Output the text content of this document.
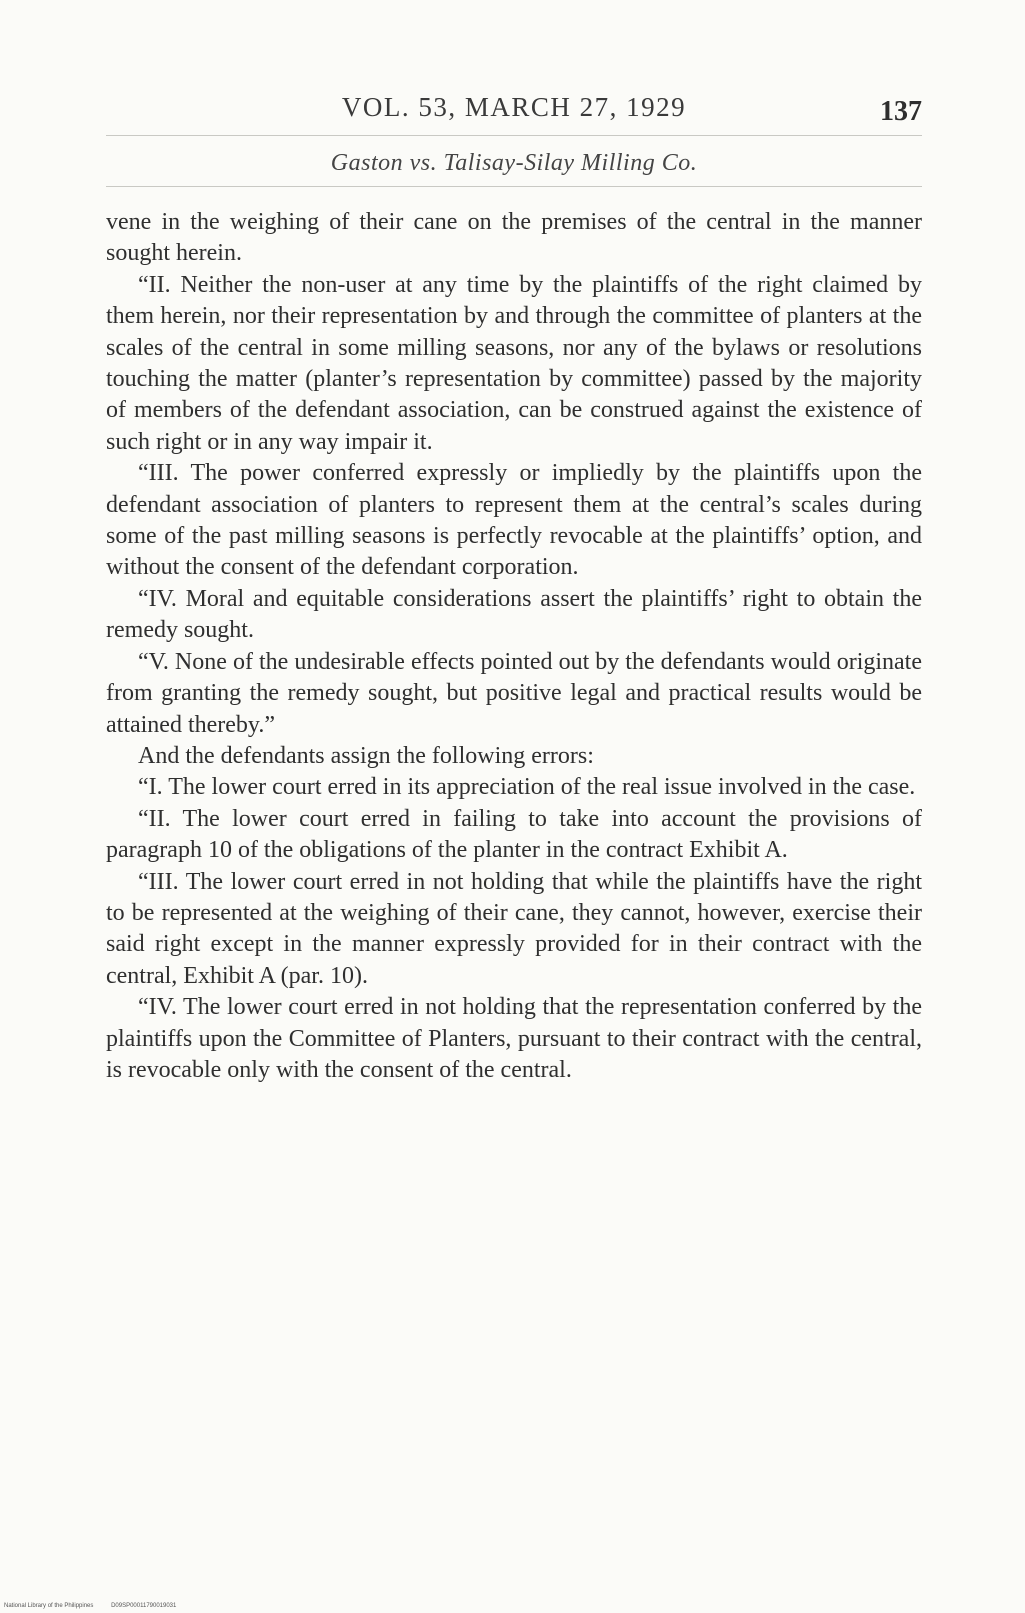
VOL. 53, MARCH 27, 1929	137
Gaston vs. Talisay-Silay Milling Co.

vene in the weighing of their cane on the premises of the central in the manner sought herein.

“II. Neither the non-user at any time by the plaintiffs of the right claimed by them herein, nor their representation by and through the committee of planters at the scales of the central in some milling seasons, nor any of the bylaws or resolutions touching the matter (planter’s representation by committee) passed by the majority of members of the defendant association, can be construed against the existence of such right or in any way impair it.

“III. The power conferred expressly or impliedly by the plaintiffs upon the defendant association of planters to represent them at the central’s scales during some of the past milling seasons is perfectly revocable at the plaintiffs’ option, and without the consent of the defendant corporation.

“IV. Moral and equitable considerations assert the plaintiffs’ right to obtain the remedy sought.

“V. None of the undesirable effects pointed out by the defendants would originate from granting the remedy sought, but positive legal and practical results would be attained thereby.”

And the defendants assign the following errors:

“I. The lower court erred in its appreciation of the real issue involved in the case.

“II. The lower court erred in failing to take into account the provisions of paragraph 10 of the obligations of the planter in the contract Exhibit A.

“III. The lower court erred in not holding that while the plaintiffs have the right to be represented at the weighing of their cane, they cannot, however, exercise their said right except in the manner expressly provided for in their contract with the central, Exhibit A (par. 10).

“IV. The lower court erred in not holding that the representation conferred by the plaintiffs upon the Committee of Planters, pursuant to their contract with the central, is revocable only with the consent of the central.

National Library of the Philippines	D09SP00011790019031
